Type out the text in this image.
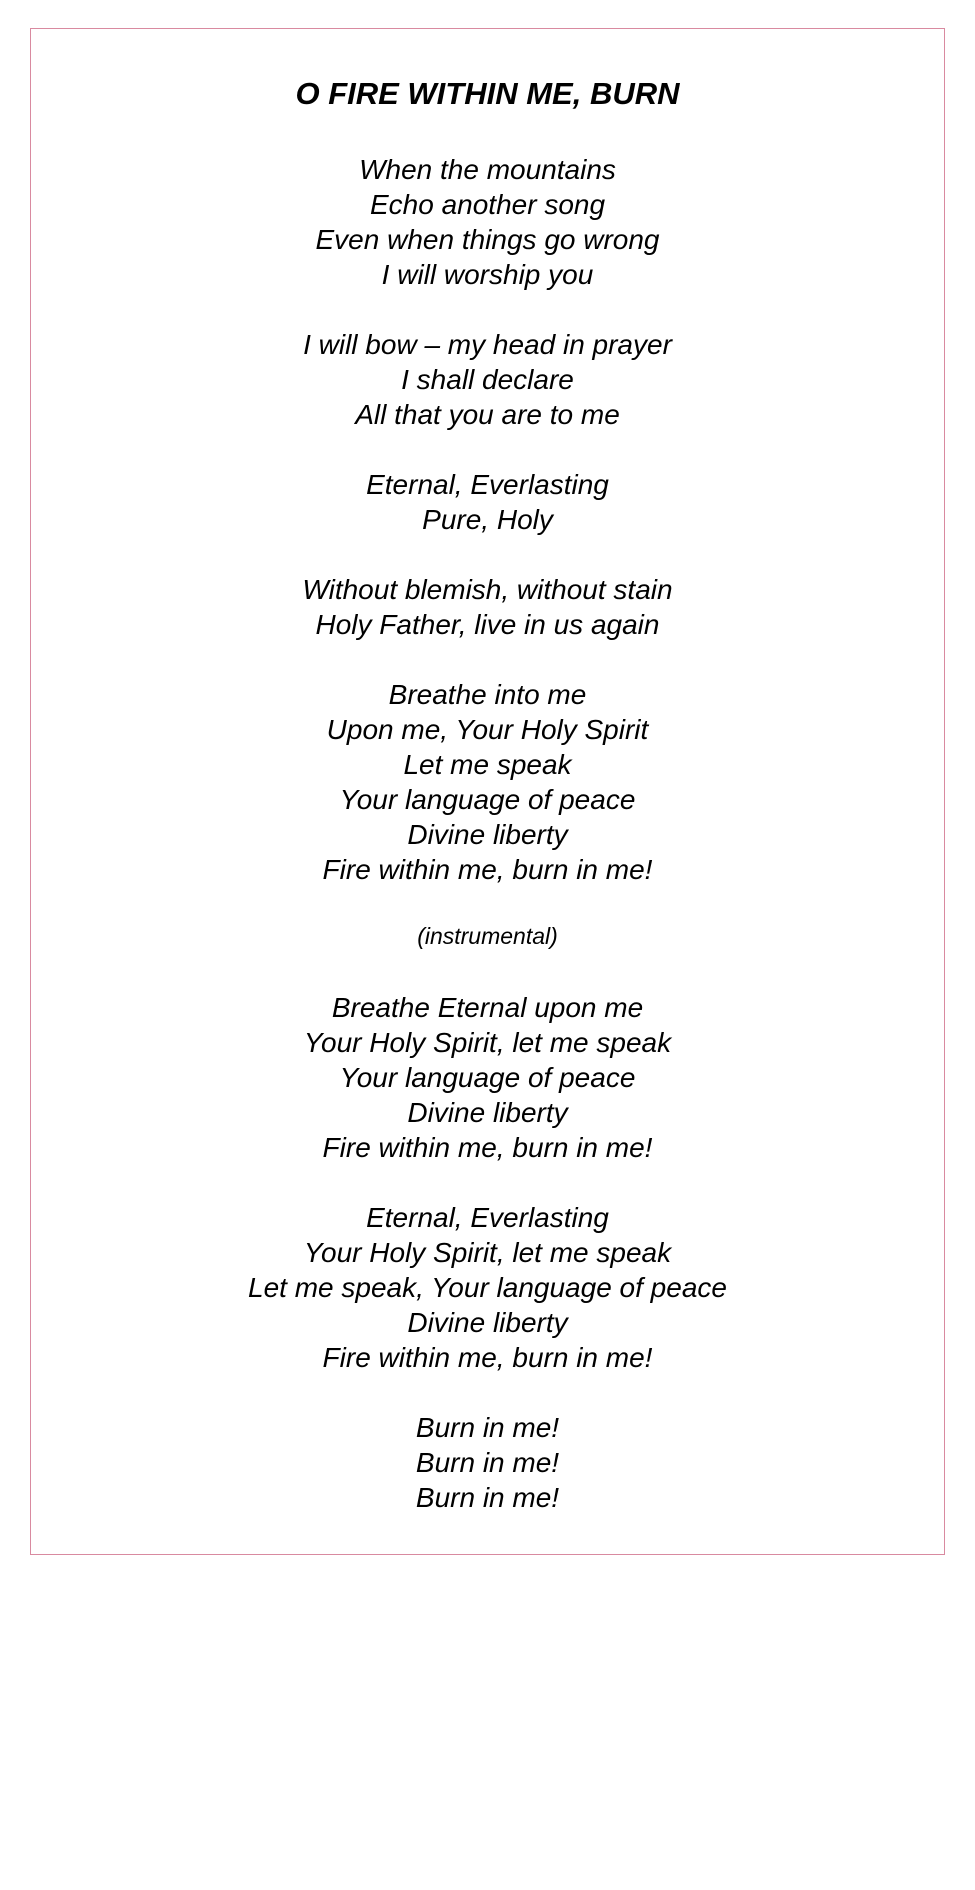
O FIRE WITHIN ME, BURN
When the mountains
Echo another song
Even when things go wrong
I will worship you
I will bow – my head in prayer
I shall declare
All that you are to me
Eternal, Everlasting
Pure, Holy
Without blemish, without stain
Holy Father, live in us again
Breathe into me
Upon me, Your Holy Spirit
Let me speak
Your language of peace
Divine liberty
Fire within me, burn in me!
(instrumental)
Breathe Eternal upon me
Your Holy Spirit, let me speak
Your language of peace
Divine liberty
Fire within me, burn in me!
Eternal, Everlasting
Your Holy Spirit, let me speak
Let me speak, Your language of peace
Divine liberty
Fire within me, burn in me!
Burn in me!
Burn in me!
Burn in me!
